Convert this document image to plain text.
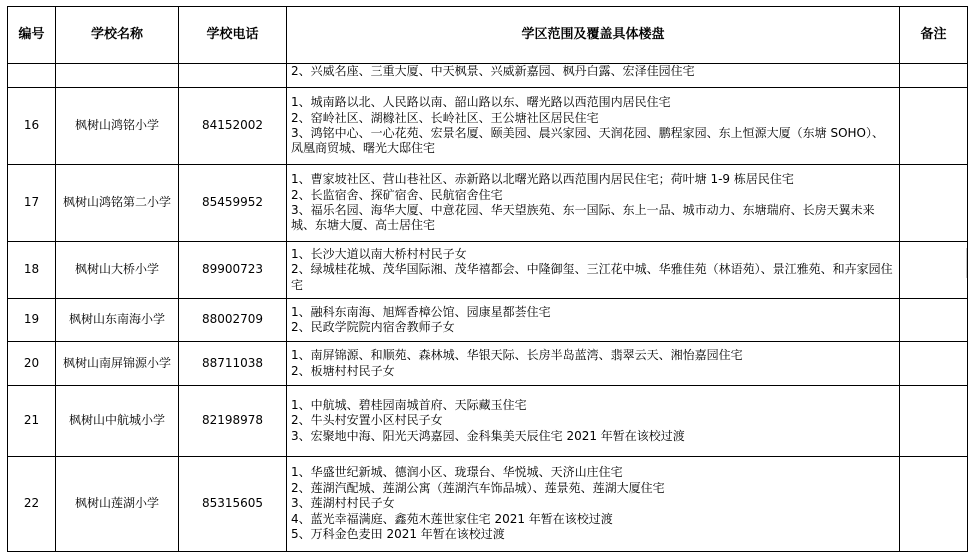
编号	学校名称	学校电话	学区范围及覆盖具体楼盘	备注

			2、兴威名座、三重大厦、中天枫景、兴威新嘉园、枫丹白露、宏泽佳园住宅	

16	枫树山鸿铭小学	84152002	1、城南路以北、人民路以南、韶山路以东、曙光路以西范围内居民住宅
2、窑岭社区、湖橼社区、长岭社区、王公塘社区居民住宅
3、鸿铭中心、一心花苑、宏景名厦、颐美园、晨兴家园、天润花园、鹏程家园、东上恒源大厦（东塘 SOHO）、凤凰商贸城、曙光大邸住宅	

17	枫树山鸿铭第二小学	85459952	1、曹家坡社区、营山巷社区、赤新路以北曙光路以西范围内居民住宅；荷叶塘 1-9 栋居民住宅
2、长监宿舍、探矿宿舍、民航宿舍住宅
3、福乐名园、海华大厦、中意花园、华天望族苑、东一国际、东上一品、城市动力、东塘瑞府、长房天翼未来城、东塘大厦、高士居住宅	

18	枫树山大桥小学	89900723	1、长沙大道以南大桥村村民子女
2、绿城桂花城、茂华国际湘、茂华禧都会、中隆御玺、三江花中城、华雅佳苑（林语苑）、景江雅苑、和卉家园住宅	

19	枫树山东南海小学	88002709	1、融科东南海、旭辉香樟公馆、园康星都荟住宅
2、民政学院院内宿舍教师子女	

20	枫树山南屏锦源小学	88711038	1、南屏锦源、和顺苑、森林城、华银天际、长房半岛蓝湾、翡翠云天、湘怡嘉园住宅
2、板塘村村民子女	

21	枫树山中航城小学	82198978	1、中航城、碧桂园南城首府、天际藏玉住宅
2、牛头村安置小区村民子女
3、宏聚地中海、阳光天鸿嘉园、金科集美天辰住宅 2021 年暂在该校过渡	

22	枫树山莲湖小学	85315605	1、华盛世纪新城、德润小区、珑璟台、华悦城、天济山庄住宅
2、莲湖汽配城、莲湖公寓（莲湖汽车饰品城）、莲景苑、莲湖大厦住宅
3、莲湖村村民子女
4、蓝光幸福满庭、鑫苑木莲世家住宅 2021 年暂在该校过渡
5、万科金色麦田 2021 年暂在该校过渡	
